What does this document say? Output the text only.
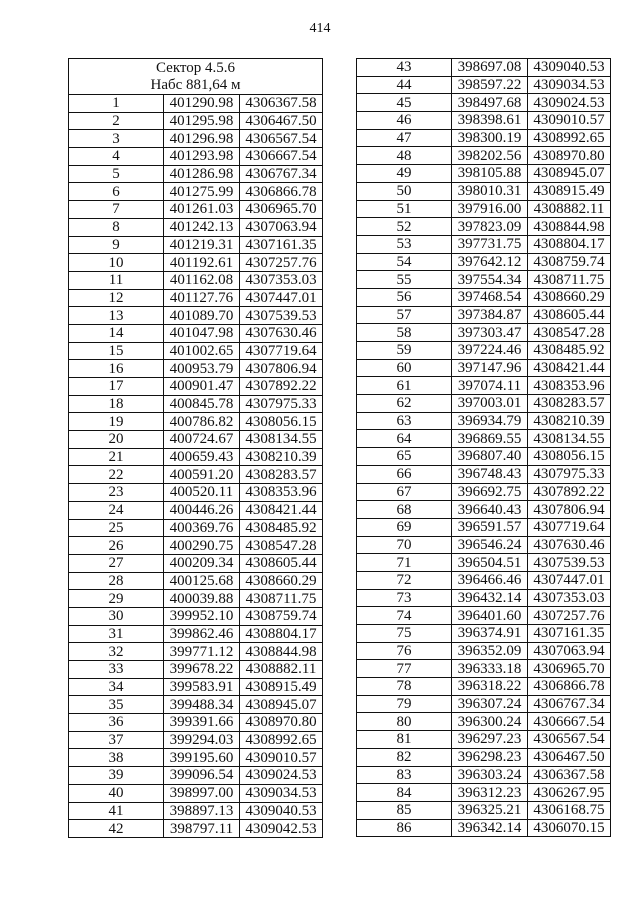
414
Сектор 4.5.6
Набс 881,64 м		

1	401290.98	4306367.58
2	401295.98	4306467.50
3	401296.98	4306567.54
4	401293.98	4306667.54
5	401286.98	4306767.34
6	401275.99	4306866.78
7	401261.03	4306965.70
8	401242.13	4307063.94
9	401219.31	4307161.35
10	401192.61	4307257.76
11	401162.08	4307353.03
12	401127.76	4307447.01
13	401089.70	4307539.53
14	401047.98	4307630.46
15	401002.65	4307719.64
16	400953.79	4307806.94
17	400901.47	4307892.22
18	400845.78	4307975.33
19	400786.82	4308056.15
20	400724.67	4308134.55
21	400659.43	4308210.39
22	400591.20	4308283.57
23	400520.11	4308353.96
24	400446.26	4308421.44
25	400369.76	4308485.92
26	400290.75	4308547.28
27	400209.34	4308605.44
28	400125.68	4308660.29
29	400039.88	4308711.75
30	399952.10	4308759.74
31	399862.46	4308804.17
32	399771.12	4308844.98
33	399678.22	4308882.11
34	399583.91	4308915.49
35	399488.34	4308945.07
36	399391.66	4308970.80
37	399294.03	4308992.65
38	399195.60	4309010.57
39	399096.54	4309024.53
40	398997.00	4309034.53
41	398897.13	4309040.53
42	398797.11	4309042.53
43	398697.08	4309040.53
44	398597.22	4309034.53
45	398497.68	4309024.53
46	398398.61	4309010.57
47	398300.19	4308992.65
48	398202.56	4308970.80
49	398105.88	4308945.07
50	398010.31	4308915.49
51	397916.00	4308882.11
52	397823.09	4308844.98
53	397731.75	4308804.17
54	397642.12	4308759.74
55	397554.34	4308711.75
56	397468.54	4308660.29
57	397384.87	4308605.44
58	397303.47	4308547.28
59	397224.46	4308485.92
60	397147.96	4308421.44
61	397074.11	4308353.96
62	397003.01	4308283.57
63	396934.79	4308210.39
64	396869.55	4308134.55
65	396807.40	4308056.15
66	396748.43	4307975.33
67	396692.75	4307892.22
68	396640.43	4307806.94
69	396591.57	4307719.64
70	396546.24	4307630.46
71	396504.51	4307539.53
72	396466.46	4307447.01
73	396432.14	4307353.03
74	396401.60	4307257.76
75	396374.91	4307161.35
76	396352.09	4307063.94
77	396333.18	4306965.70
78	396318.22	4306866.78
79	396307.24	4306767.34
80	396300.24	4306667.54
81	396297.23	4306567.54
82	396298.23	4306467.50
83	396303.24	4306367.58
84	396312.23	4306267.95
85	396325.21	4306168.75
86	396342.14	4306070.15
